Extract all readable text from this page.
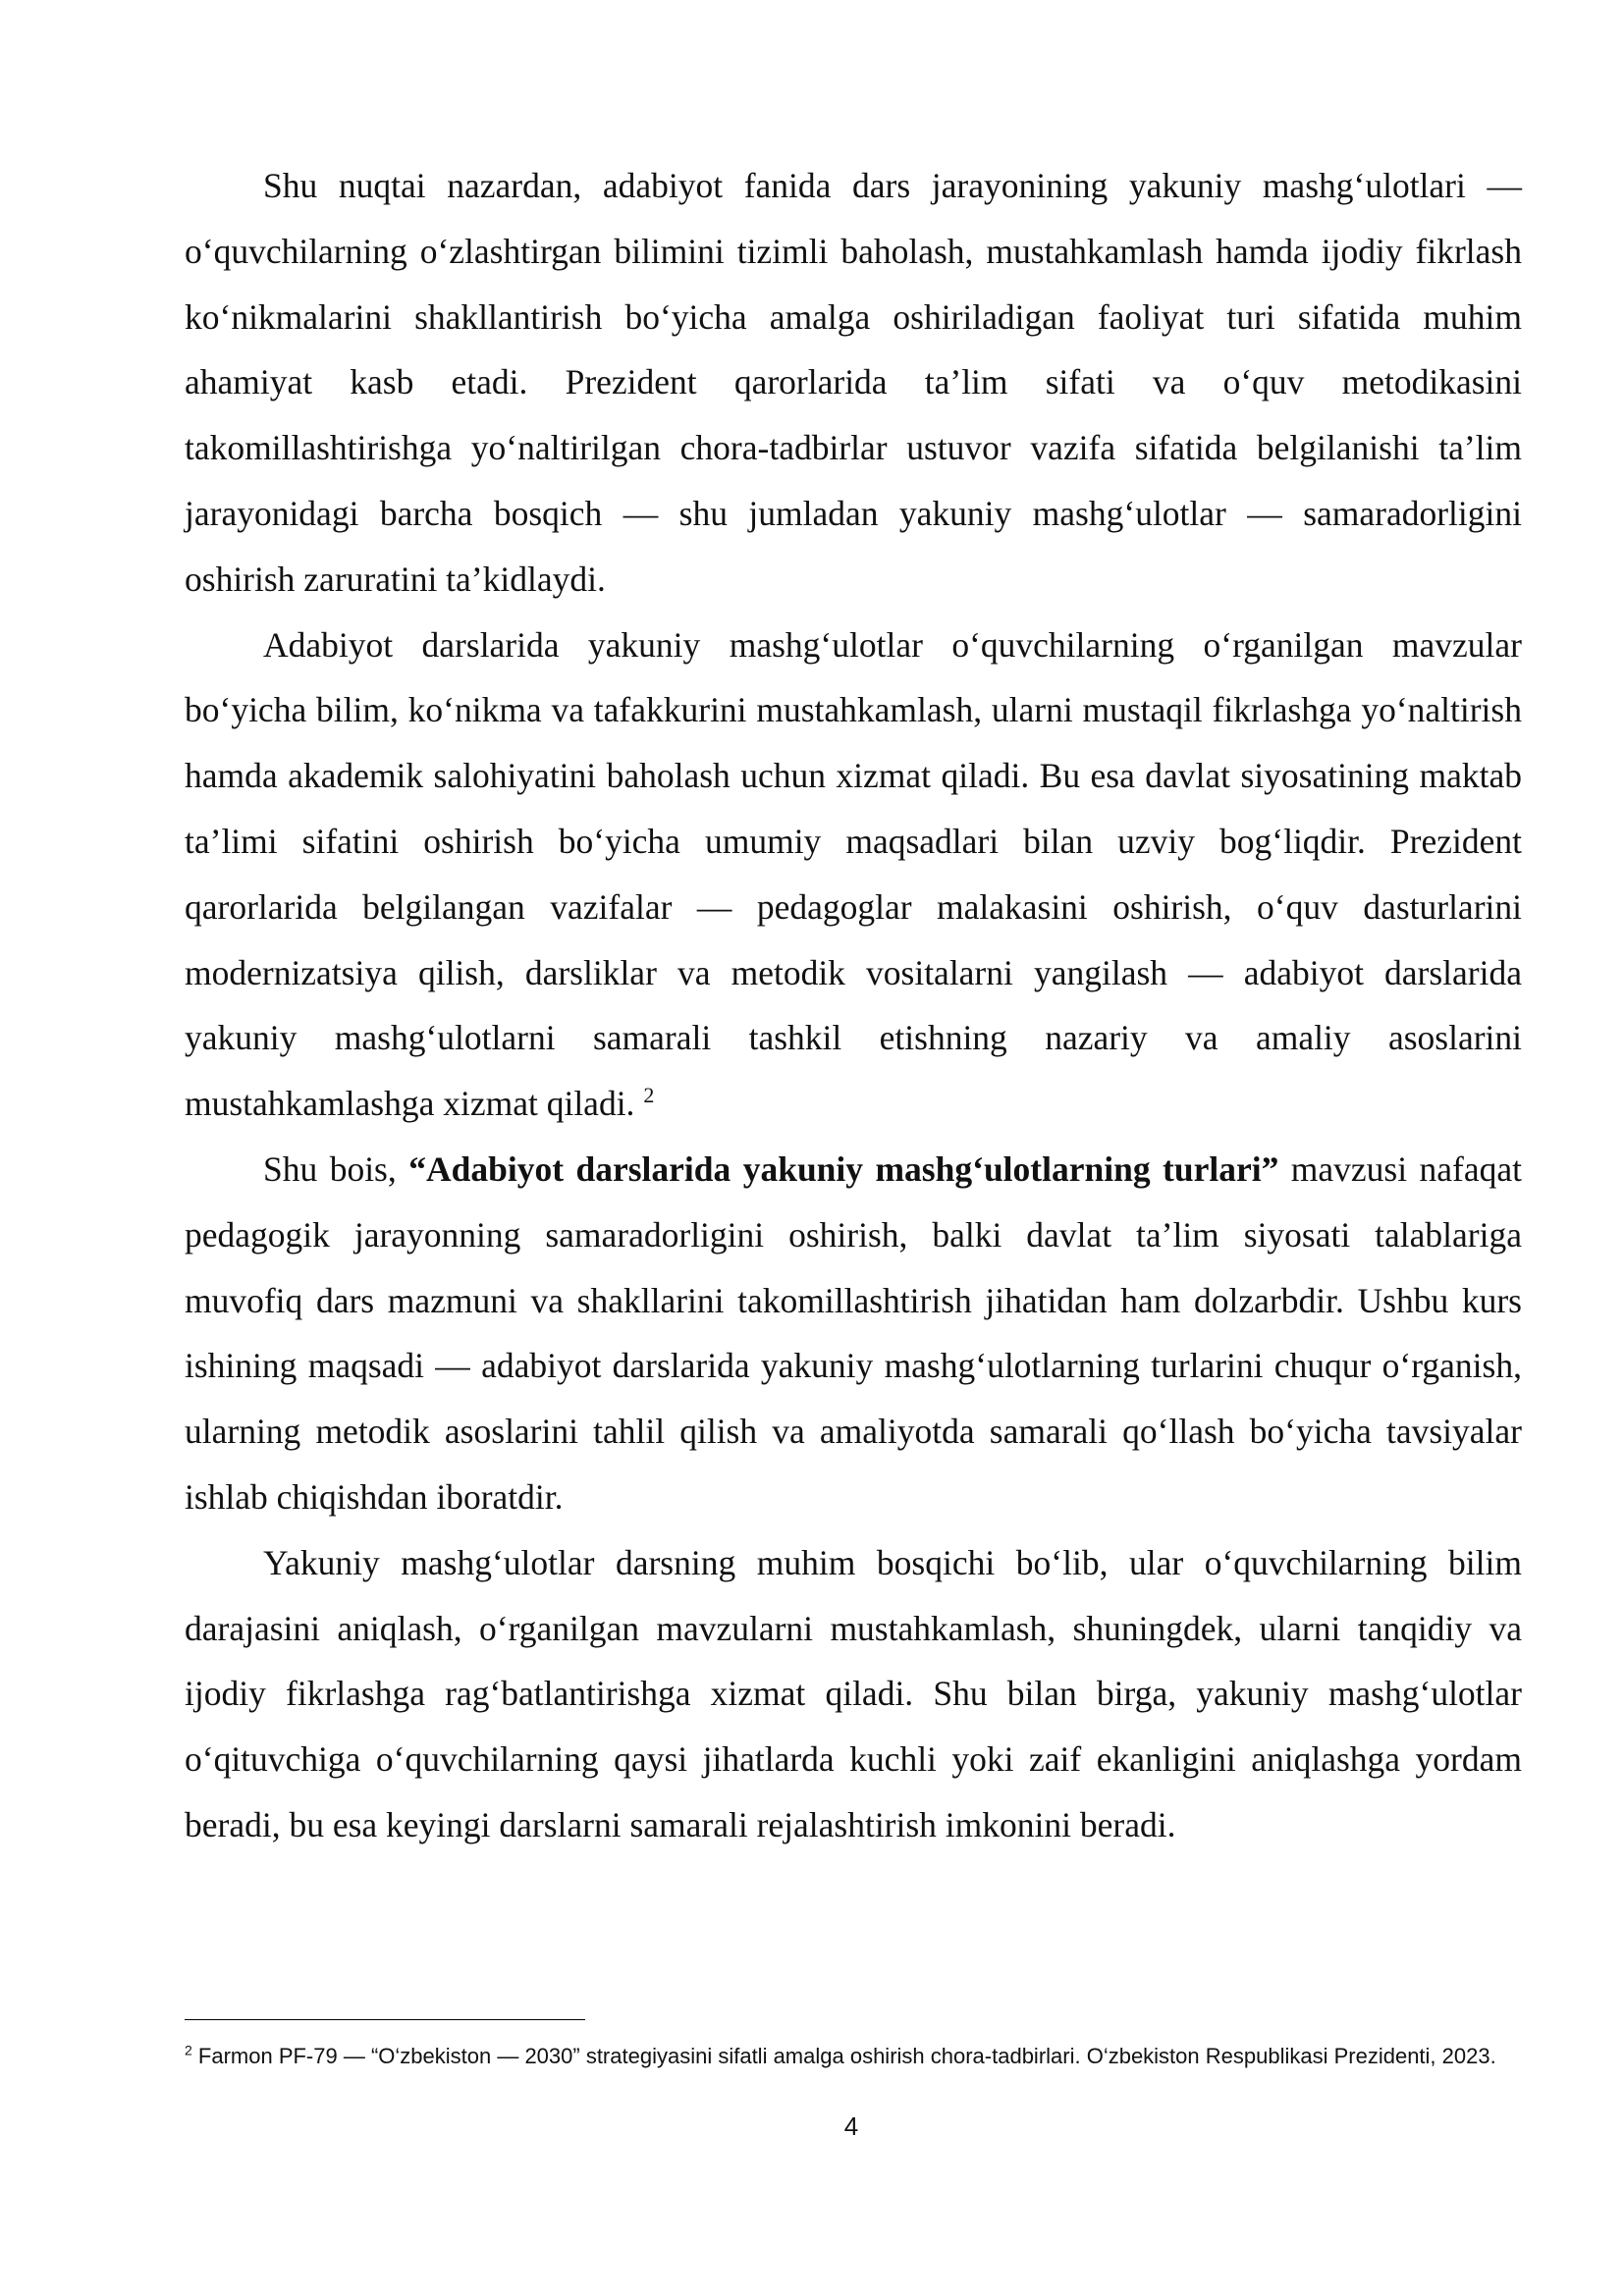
Shu nuqtai nazardan, adabiyot fanida dars jarayonining yakuniy mashg‘ulotlari — o‘quvchilarning o‘zlashtirgan bilimini tizimli baholash, mustahkamlash hamda ijodiy fikrlash ko‘nikmalarini shakllantirish bo‘yicha amalga oshiriladigan faoliyat turi sifatida muhim ahamiyat kasb etadi. Prezident qarorlarida ta’lim sifati va o‘quv metodikasini takomillashtirishga yo‘naltirilgan chora-tadbirlar ustuvor vazifa sifatida belgilanishi ta’lim jarayonidagi barcha bosqich — shu jumladan yakuniy mashg‘ulotlar — samaradorligini oshirish zaruratini ta’kidlaydi.

Adabiyot darslarida yakuniy mashg‘ulotlar o‘quvchilarning o‘rganilgan mavzular bo‘yicha bilim, ko‘nikma va tafakkurini mustahkamlash, ularni mustaqil fikrlashga yo‘naltirish hamda akademik salohiyatini baholash uchun xizmat qiladi. Bu esa davlat siyosatining maktab ta’limi sifatini oshirish bo‘yicha umumiy maqsadlari bilan uzviy bog‘liqdir. Prezident qarorlarida belgilangan vazifalar — pedagoglar malakasini oshirish, o‘quv dasturlarini modernizatsiya qilish, darsliklar va metodik vositalarni yangilash — adabiyot darslarida yakuniy mashg‘ulotlarni samarali tashkil etishning nazariy va amaliy asoslarini mustahkamlashga xizmat qiladi. $^2$

Shu bois, “Adabiyot darslarida yakuniy mashg‘ulotlarning turlari” mavzusi nafaqat pedagogik jarayonning samaradorligini oshirish, balki davlat ta’lim siyosati talablariga muvofiq dars mazmuni va shakllarini takomillashtirish jihatidan ham dolzarbdir. Ushbu kurs ishining maqsadi — adabiyot darslarida yakuniy mashg‘ulotlarning turlarini chuqur o‘rganish, ularning metodik asoslarini tahlil qilish va amaliyotda samarali qo‘llash bo‘yicha tavsiyalar ishlab chiqishdan iboratdir.

Yakuniy mashg‘ulotlar darsning muhim bosqichi bo‘lib, ular o‘quvchilarning bilim darajasini aniqlash, o‘rganilgan mavzularni mustahkamlash, shuningdek, ularni tanqidiy va ijodiy fikrlashga rag‘batlantirishga xizmat qiladi. Shu bilan birga, yakuniy mashg‘ulotlar o‘qituvchiga o‘quvchilarning qaysi jihatlarda kuchli yoki zaif ekanligini aniqlashga yordam beradi, bu esa keyingi darslarni samarali rejalashtirish imkonini beradi.

$^2$ Farmon PF-79 — “O‘zbekiston — 2030” strategiyasini sifatli amalga oshirish chora-tadbirlari. O‘zbekiston Respublikasi Prezidenti, 2023.
4
